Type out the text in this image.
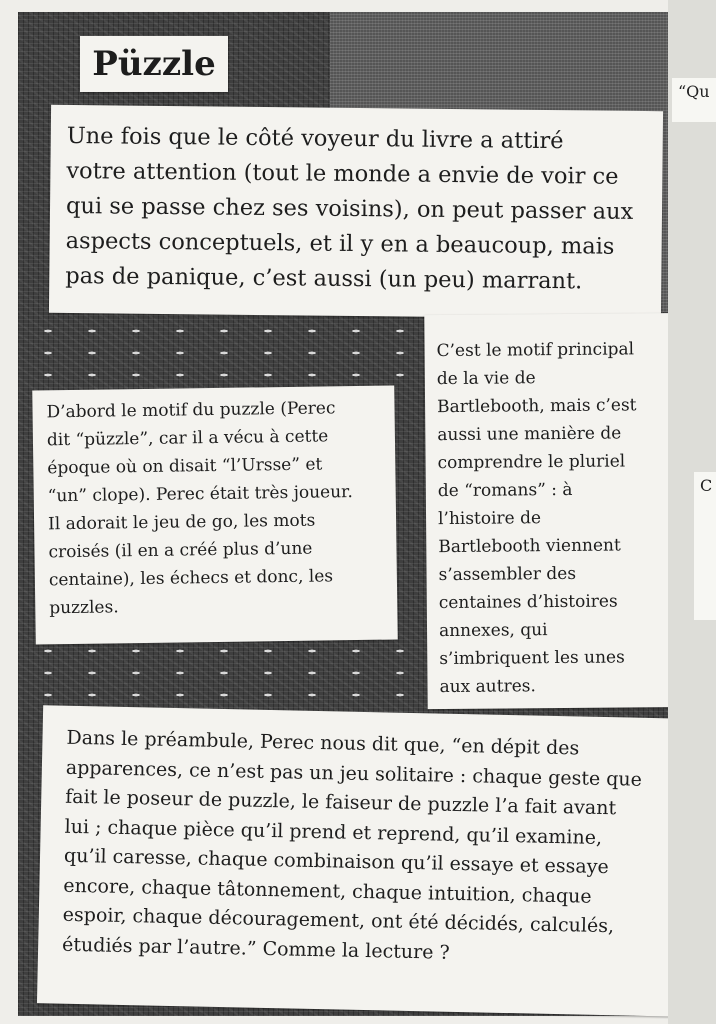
Püzzle
Une fois que le côté voyeur du livre a attiré
votre attention (tout le monde a envie de voir ce
qui se passe chez ses voisins), on peut passer aux
aspects conceptuels, et il y en a beaucoup, mais
pas de panique, c’est aussi (un peu) marrant.
D’abord le motif du puzzle (Perec
dit “püzzle”, car il a vécu à cette
époque où on disait “l’Ursse” et
“un” clope). Perec était très joueur.
Il adorait le jeu de go, les mots
croisés (il en a créé plus d’une
centaine), les échecs et donc, les
puzzles.
C’est le motif principal
de la vie de
Bartlebooth, mais c’est
aussi une manière de
comprendre le pluriel
de “romans” : à
l’histoire de
Bartlebooth viennent
s’assembler des
centaines d’histoires
annexes, qui
s’imbriquent les unes
aux autres.
Dans le préambule, Perec nous dit que, “en dépit des
apparences, ce n’est pas un jeu solitaire : chaque geste que
fait le poseur de puzzle, le faiseur de puzzle l’a fait avant
lui ; chaque pièce qu’il prend et reprend, qu’il examine,
qu’il caresse, chaque combinaison qu’il essaye et essaye
encore, chaque tâtonnement, chaque intuition, chaque
espoir, chaque découragement, ont été décidés, calculés,
étudiés par l’autre.” Comme la lecture ?
“Qu
C
